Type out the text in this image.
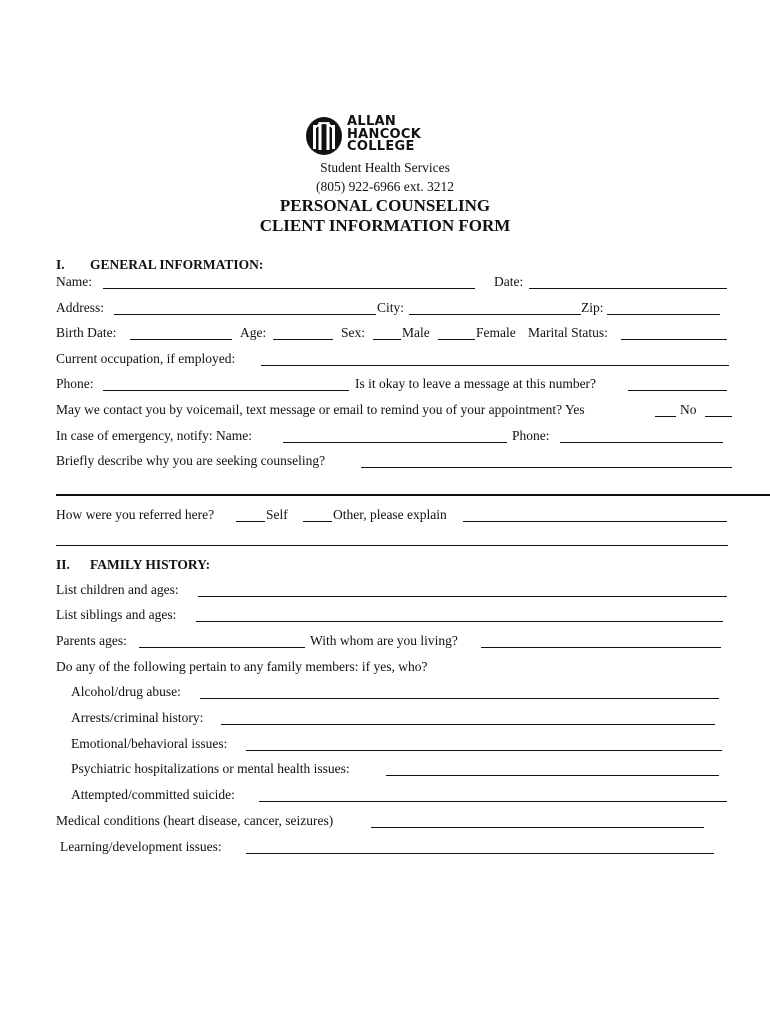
ALLAN
HANCOCK
COLLEGE
Student Health Services
(805) 922-6966 ext. 3212
PERSONAL COUNSELING
CLIENT INFORMATION FORM
I. GENERAL INFORMATION:
Name:	Date:
Address:	City:	Zip:
Birth Date:	Age:	Sex:	Male	Female Marital Status:
Current occupation, if employed:
Phone:	Is it okay to leave a message at this number?
May we contact you by voicemail, text message or email to remind you of your appointment? Yes	No
In case of emergency, notify: Name:	Phone:
Briefly describe why you are seeking counseling?
How were you referred here?	Self	Other, please explain
II. FAMILY HISTORY:
List children and ages:
List siblings and ages:
Parents ages:	With whom are you living?
Do any of the following pertain to any family members: if yes, who?
Alcohol/drug abuse:
Arrests/criminal history:
Emotional/behavioral issues:
Psychiatric hospitalizations or mental health issues:
Attempted/committed suicide:
Medical conditions (heart disease, cancer, seizures)
Learning/development issues:
